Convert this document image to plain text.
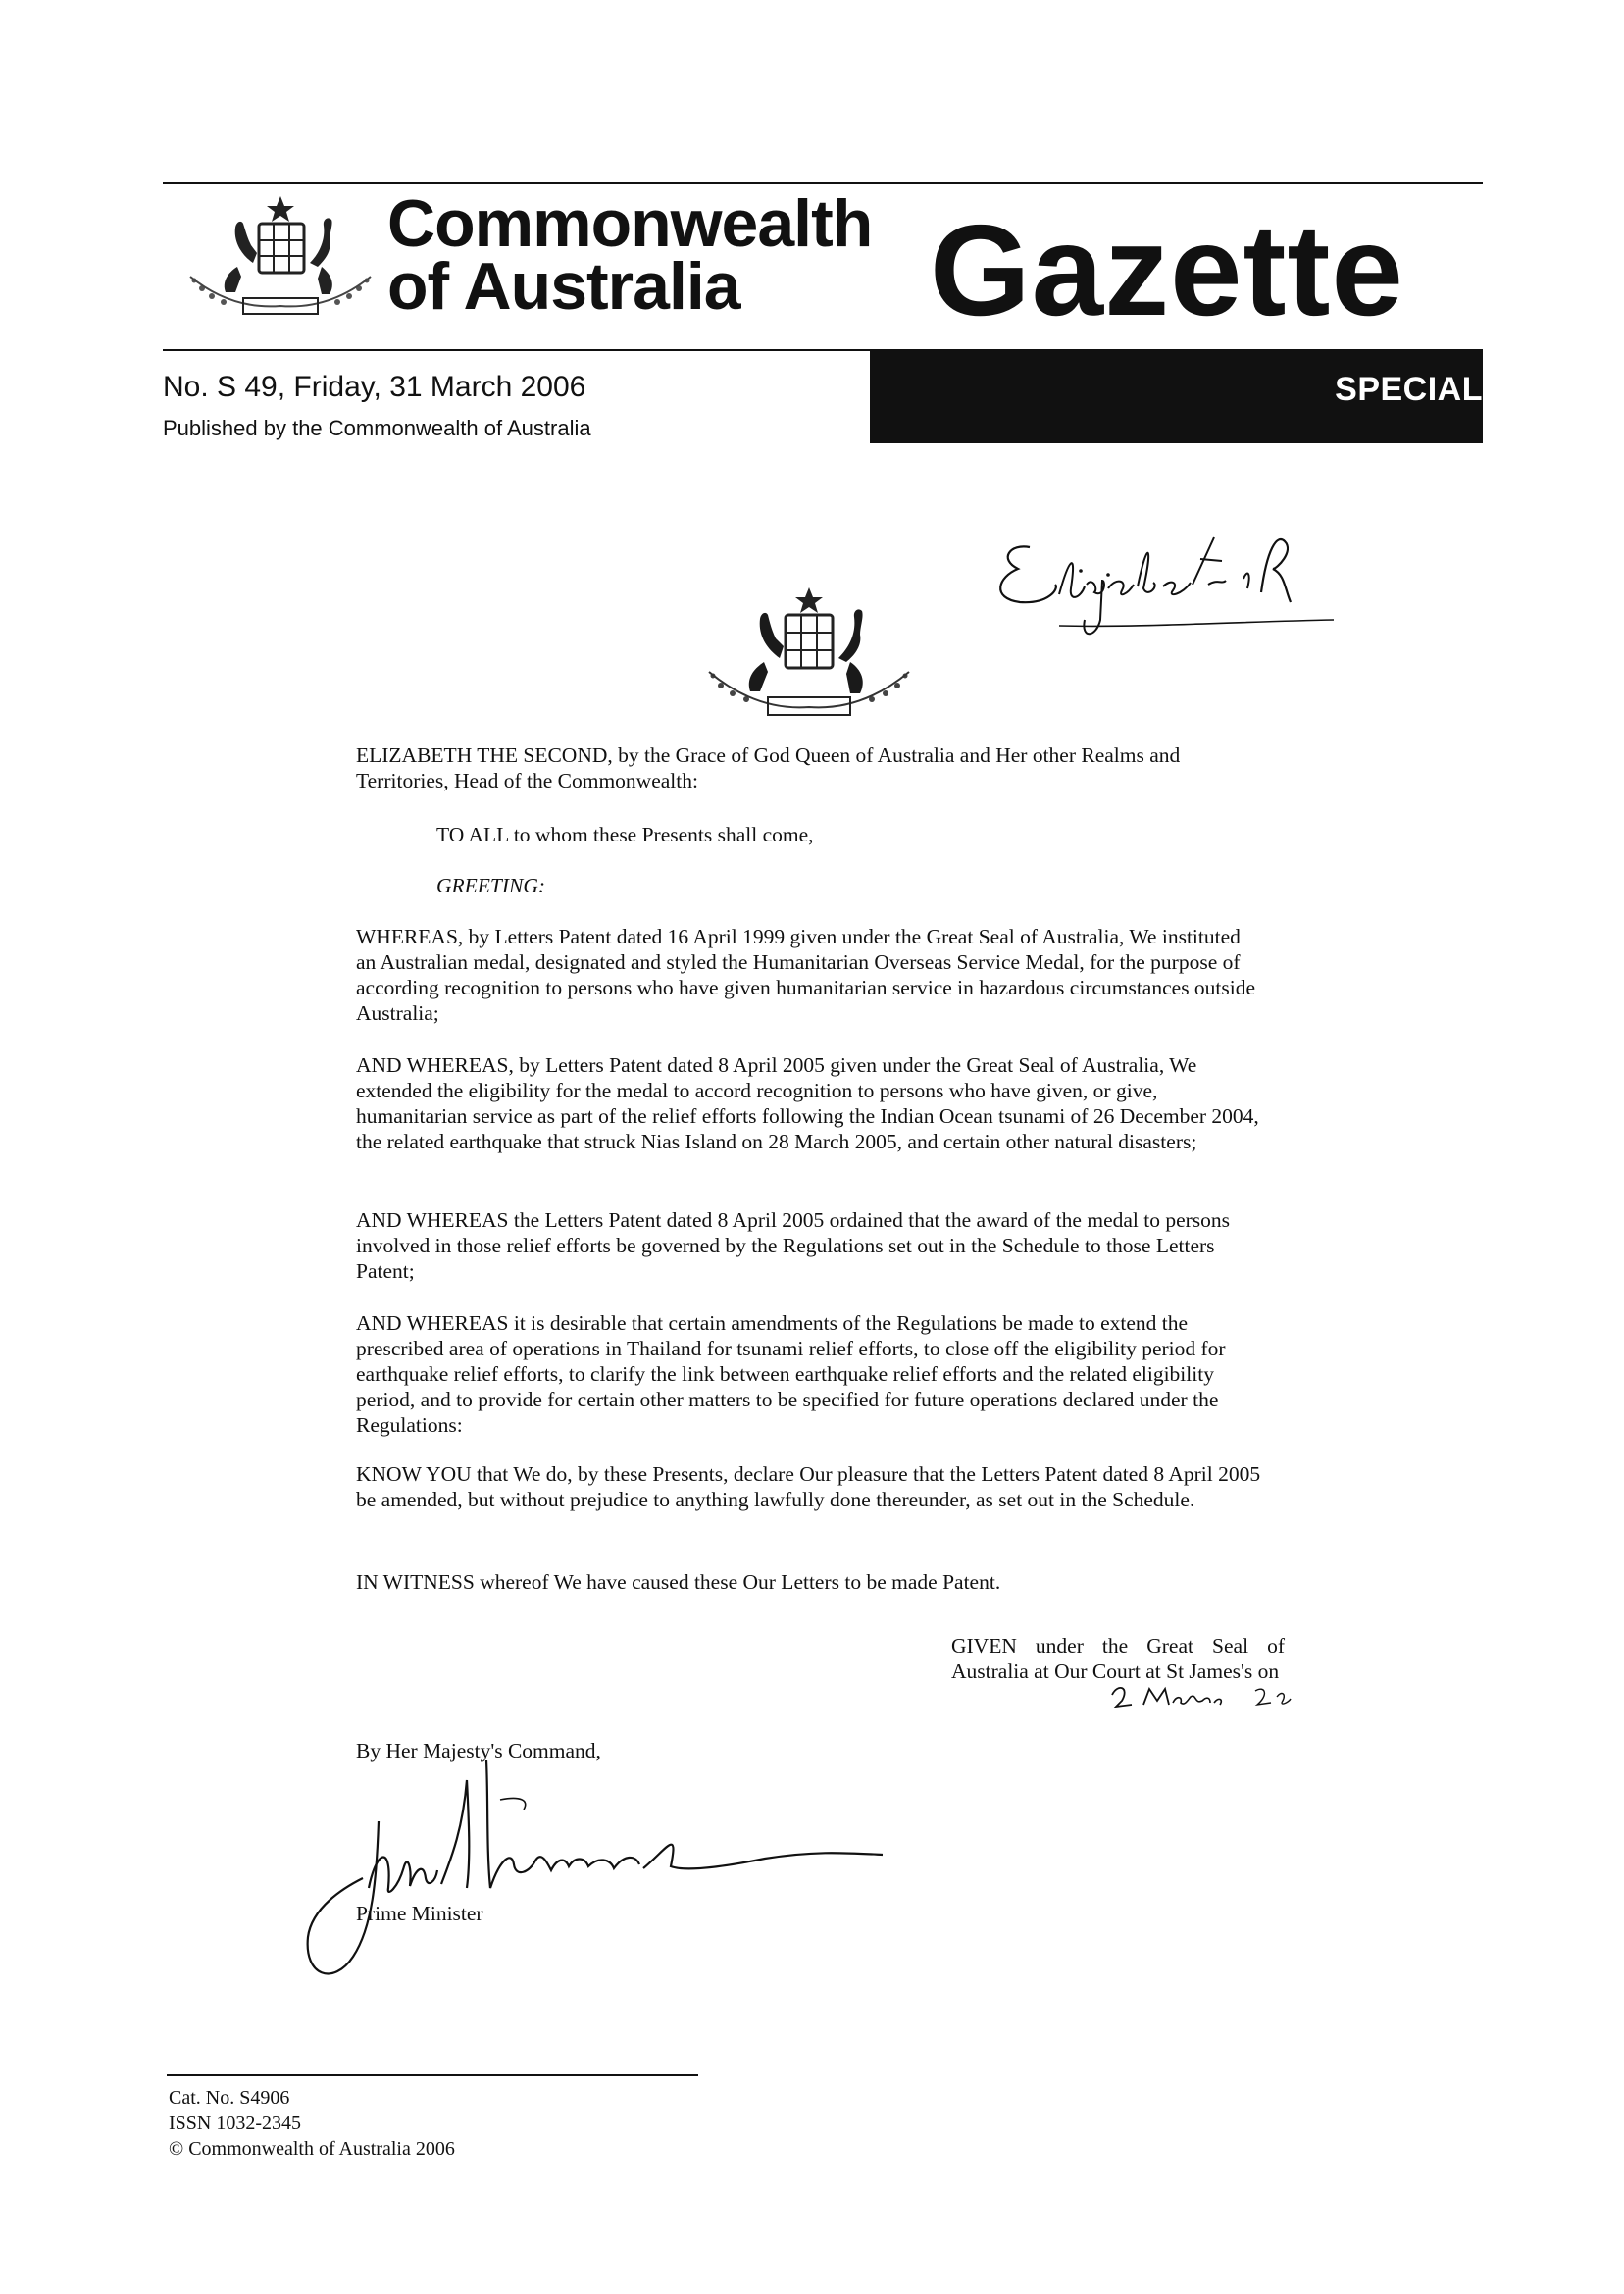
Commonwealth
of Australia	Gazette
SPECIAL
No. S 49, Friday, 31 March 2006
Published by the Commonwealth of Australia

ELIZABETH THE SECOND, by the Grace of God Queen of Australia and Her other Realms and Territories, Head of the Commonwealth:

TO ALL to whom these Presents shall come,

GREETING:

WHEREAS, by Letters Patent dated 16 April 1999 given under the Great Seal of Australia, We instituted an Australian medal, designated and styled the Humanitarian Overseas Service Medal, for the purpose of according recognition to persons who have given humanitarian service in hazardous circumstances outside Australia;

AND WHEREAS, by Letters Patent dated 8 April 2005 given under the Great Seal of Australia, We extended the eligibility for the medal to accord recognition to persons who have given, or give, humanitarian service as part of the relief efforts following the Indian Ocean tsunami of 26 December 2004, the related earthquake that struck Nias Island on 28 March 2005, and certain other natural disasters;

AND WHEREAS the Letters Patent dated 8 April 2005 ordained that the award of the medal to persons involved in those relief efforts be governed by the Regulations set out in the Schedule to those Letters Patent;

AND WHEREAS it is desirable that certain amendments of the Regulations be made to extend the prescribed area of operations in Thailand for tsunami relief efforts, to close off the eligibility period for earthquake relief efforts, to clarify the link between earthquake relief efforts and the related eligibility period, and to provide for certain other matters to be specified for future operations declared under the Regulations:

KNOW YOU that We do, by these Presents, declare Our pleasure that the Letters Patent dated 8 April 2005 be amended, but without prejudice to anything lawfully done thereunder, as set out in the Schedule.

IN WITNESS whereof We have caused these Our Letters to be made Patent.

GIVEN under the Great Seal of Australia at Our Court at St James's on
By Her Majesty's Command,
Prime Minister
Cat. No. S4906
ISSN 1032-2345
© Commonwealth of Australia 2006
